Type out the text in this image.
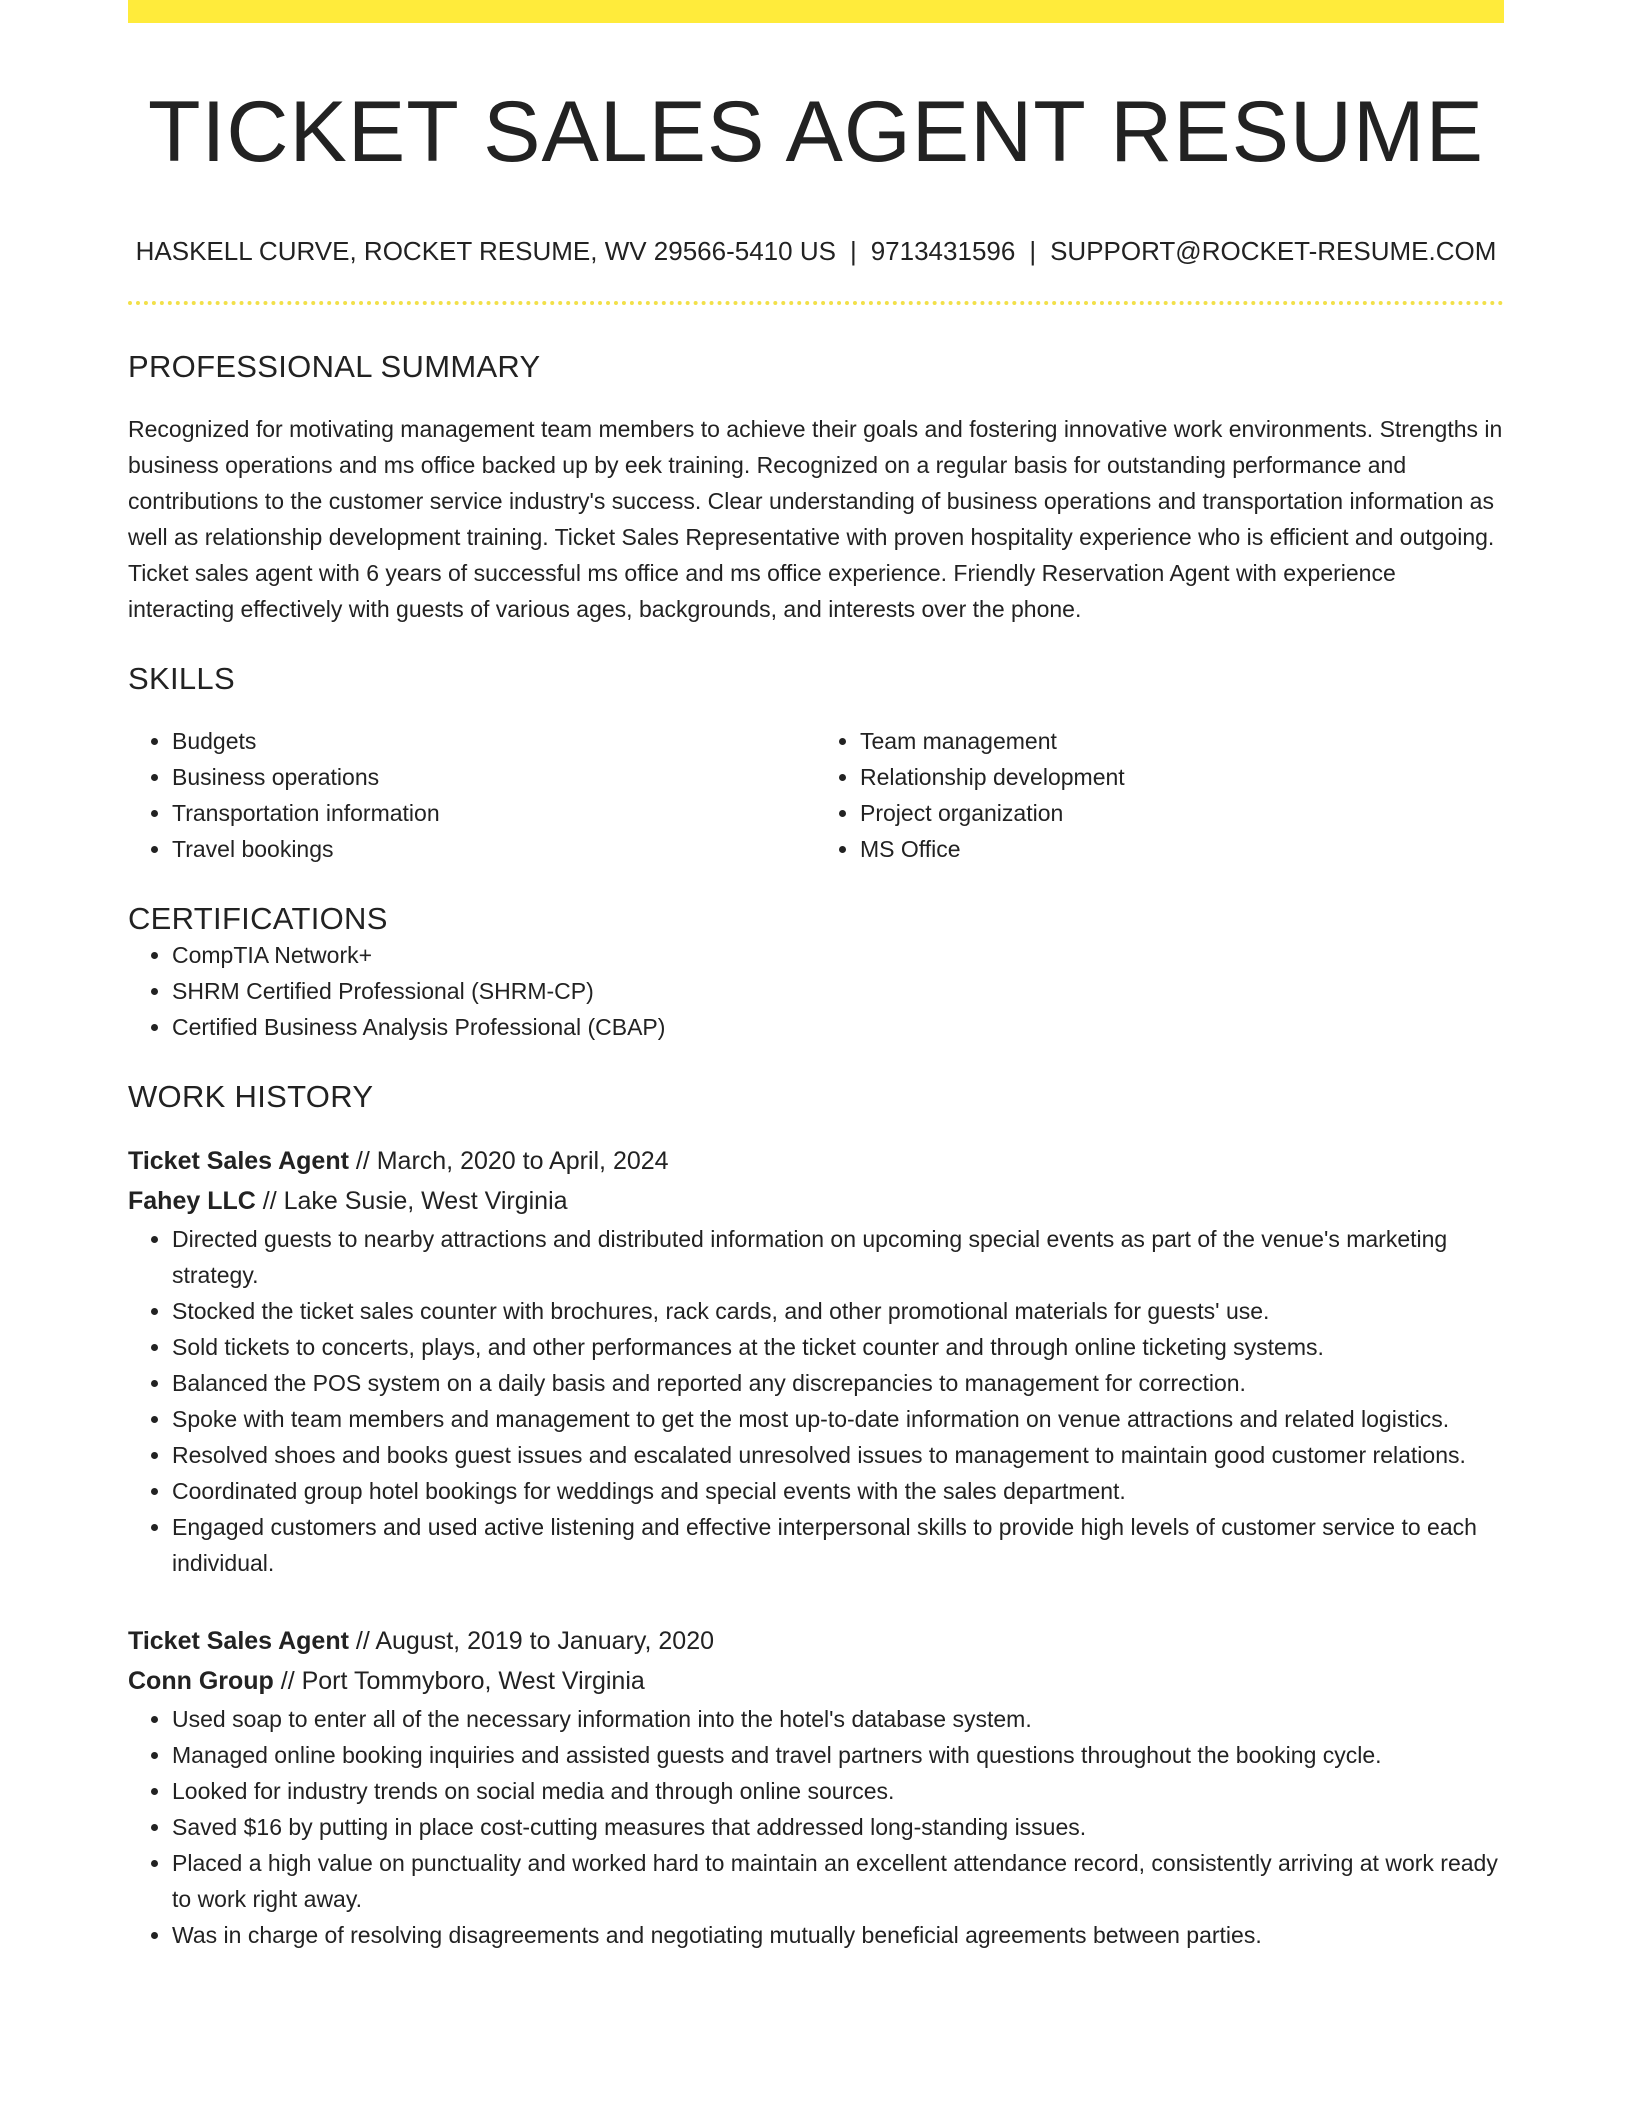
TICKET SALES AGENT RESUME
HASKELL CURVE, ROCKET RESUME, WV 29566-5410 US | 9713431596 | SUPPORT@ROCKET-RESUME.COM
PROFESSIONAL SUMMARY

Recognized for motivating management team members to achieve their goals and fostering innovative work environments. Strengths in business operations and ms office backed up by eek training. Recognized on a regular basis for outstanding performance and contributions to the customer service industry's success. Clear understanding of business operations and transportation information as well as relationship development training. Ticket Sales Representative with proven hospitality experience who is efficient and outgoing. Ticket sales agent with 6 years of successful ms office and ms office experience. Friendly Reservation Agent with experience interacting effectively with guests of various ages, backgrounds, and interests over the phone.

SKILLS
• Budgets
• Business operations
• Transportation information
• Travel bookings
• Team management
• Relationship development
• Project organization
• MS Office
CERTIFICATIONS
• CompTIA Network+
• SHRM Certified Professional (SHRM-CP)
• Certified Business Analysis Professional (CBAP)
WORK HISTORY
Ticket Sales Agent // March, 2020 to April, 2024
Fahey LLC // Lake Susie, West Virginia
• Directed guests to nearby attractions and distributed information on upcoming special events as part of the venue's marketing strategy.
• Stocked the ticket sales counter with brochures, rack cards, and other promotional materials for guests' use.
• Sold tickets to concerts, plays, and other performances at the ticket counter and through online ticketing systems.
• Balanced the POS system on a daily basis and reported any discrepancies to management for correction.
• Spoke with team members and management to get the most up-to-date information on venue attractions and related logistics.
• Resolved shoes and books guest issues and escalated unresolved issues to management to maintain good customer relations.
• Coordinated group hotel bookings for weddings and special events with the sales department.
• Engaged customers and used active listening and effective interpersonal skills to provide high levels of customer service to each individual.
Ticket Sales Agent // August, 2019 to January, 2020
Conn Group // Port Tommyboro, West Virginia
• Used soap to enter all of the necessary information into the hotel's database system.
• Managed online booking inquiries and assisted guests and travel partners with questions throughout the booking cycle.
• Looked for industry trends on social media and through online sources.
• Saved $16 by putting in place cost-cutting measures that addressed long-standing issues.
• Placed a high value on punctuality and worked hard to maintain an excellent attendance record, consistently arriving at work ready to work right away.
• Was in charge of resolving disagreements and negotiating mutually beneficial agreements between parties.
